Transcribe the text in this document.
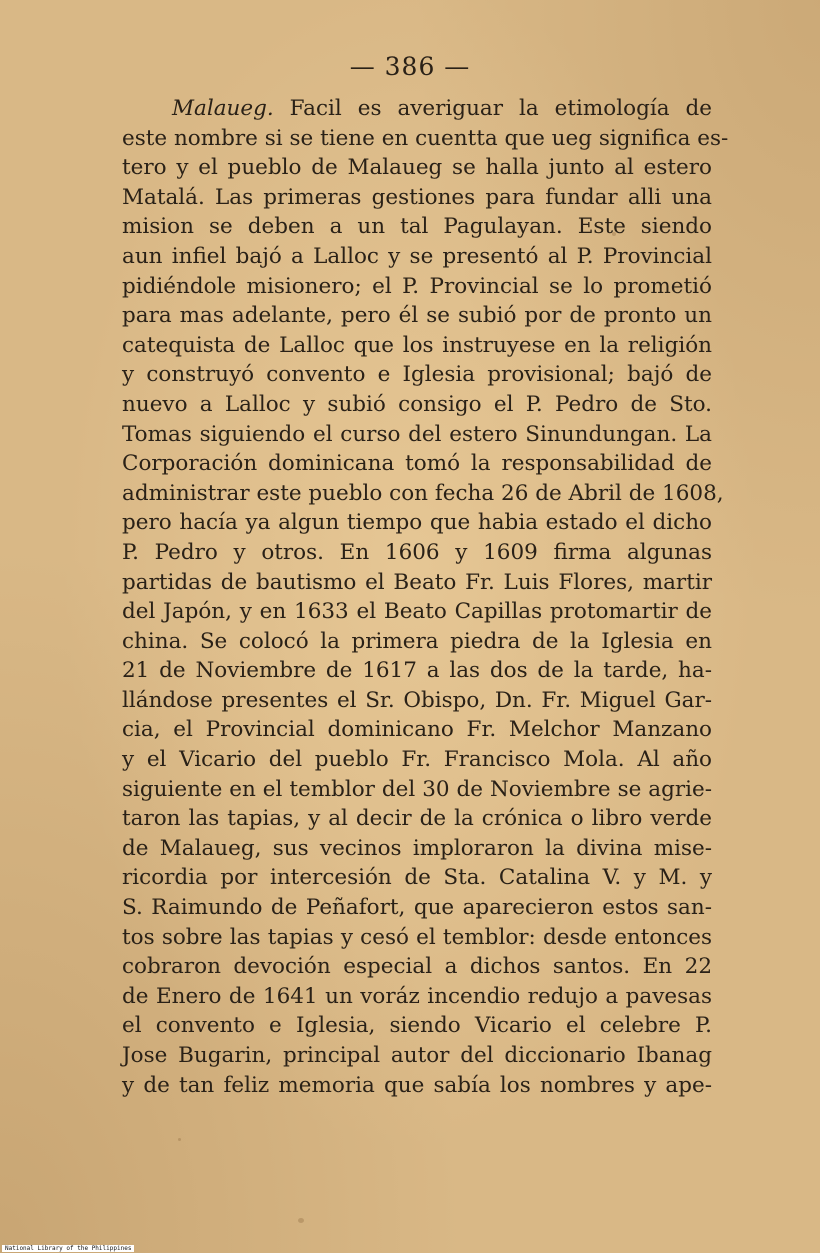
— 386 —
Malaueg. Facil es averiguar la etimología de
este nombre si se tiene en cuentta que ueg significa es-
tero y el pueblo de Malaueg se halla junto al estero
Matalá. Las primeras gestiones para fundar alli una
mision se deben a un tal Pagulayan. Este siendo
aun infiel bajó a Lalloc y se presentó al P. Provincial
pidiéndole misionero; el P. Provincial se lo prometió
para mas adelante, pero él se subió por de pronto un
catequista de Lalloc que los instruyese en la religión
y construyó convento e Iglesia provisional; bajó de
nuevo a Lalloc y subió consigo el P. Pedro de Sto.
Tomas siguiendo el curso del estero Sinundungan. La
Corporación dominicana tomó la responsabilidad de
administrar este pueblo con fecha 26 de Abril de 1608,
pero hacía ya algun tiempo que habia estado el dicho
P. Pedro y otros. En 1606 y 1609 firma algunas
partidas de bautismo el Beato Fr. Luis Flores, martir
del Japón, y en 1633 el Beato Capillas protomartir de
china. Se colocó la primera piedra de la Iglesia en
21 de Noviembre de 1617 a las dos de la tarde, ha-
llándose presentes el Sr. Obispo, Dn. Fr. Miguel Gar-
cia, el Provincial dominicano Fr. Melchor Manzano
y el Vicario del pueblo Fr. Francisco Mola. Al año
siguiente en el temblor del 30 de Noviembre se agrie-
taron las tapias, y al decir de la crónica o libro verde
de Malaueg, sus vecinos imploraron la divina mise-
ricordia por intercesión de Sta. Catalina V. y M. y
S. Raimundo de Peñafort, que aparecieron estos san-
tos sobre las tapias y cesó el temblor: desde entonces
cobraron devoción especial a dichos santos. En 22
de Enero de 1641 un voráz incendio redujo a pavesas
el convento e Iglesia, siendo Vicario el celebre P.
Jose Bugarin, principal autor del diccionario Ibanag
y de tan feliz memoria que sabía los nombres y ape-
National Library of the Philippines
